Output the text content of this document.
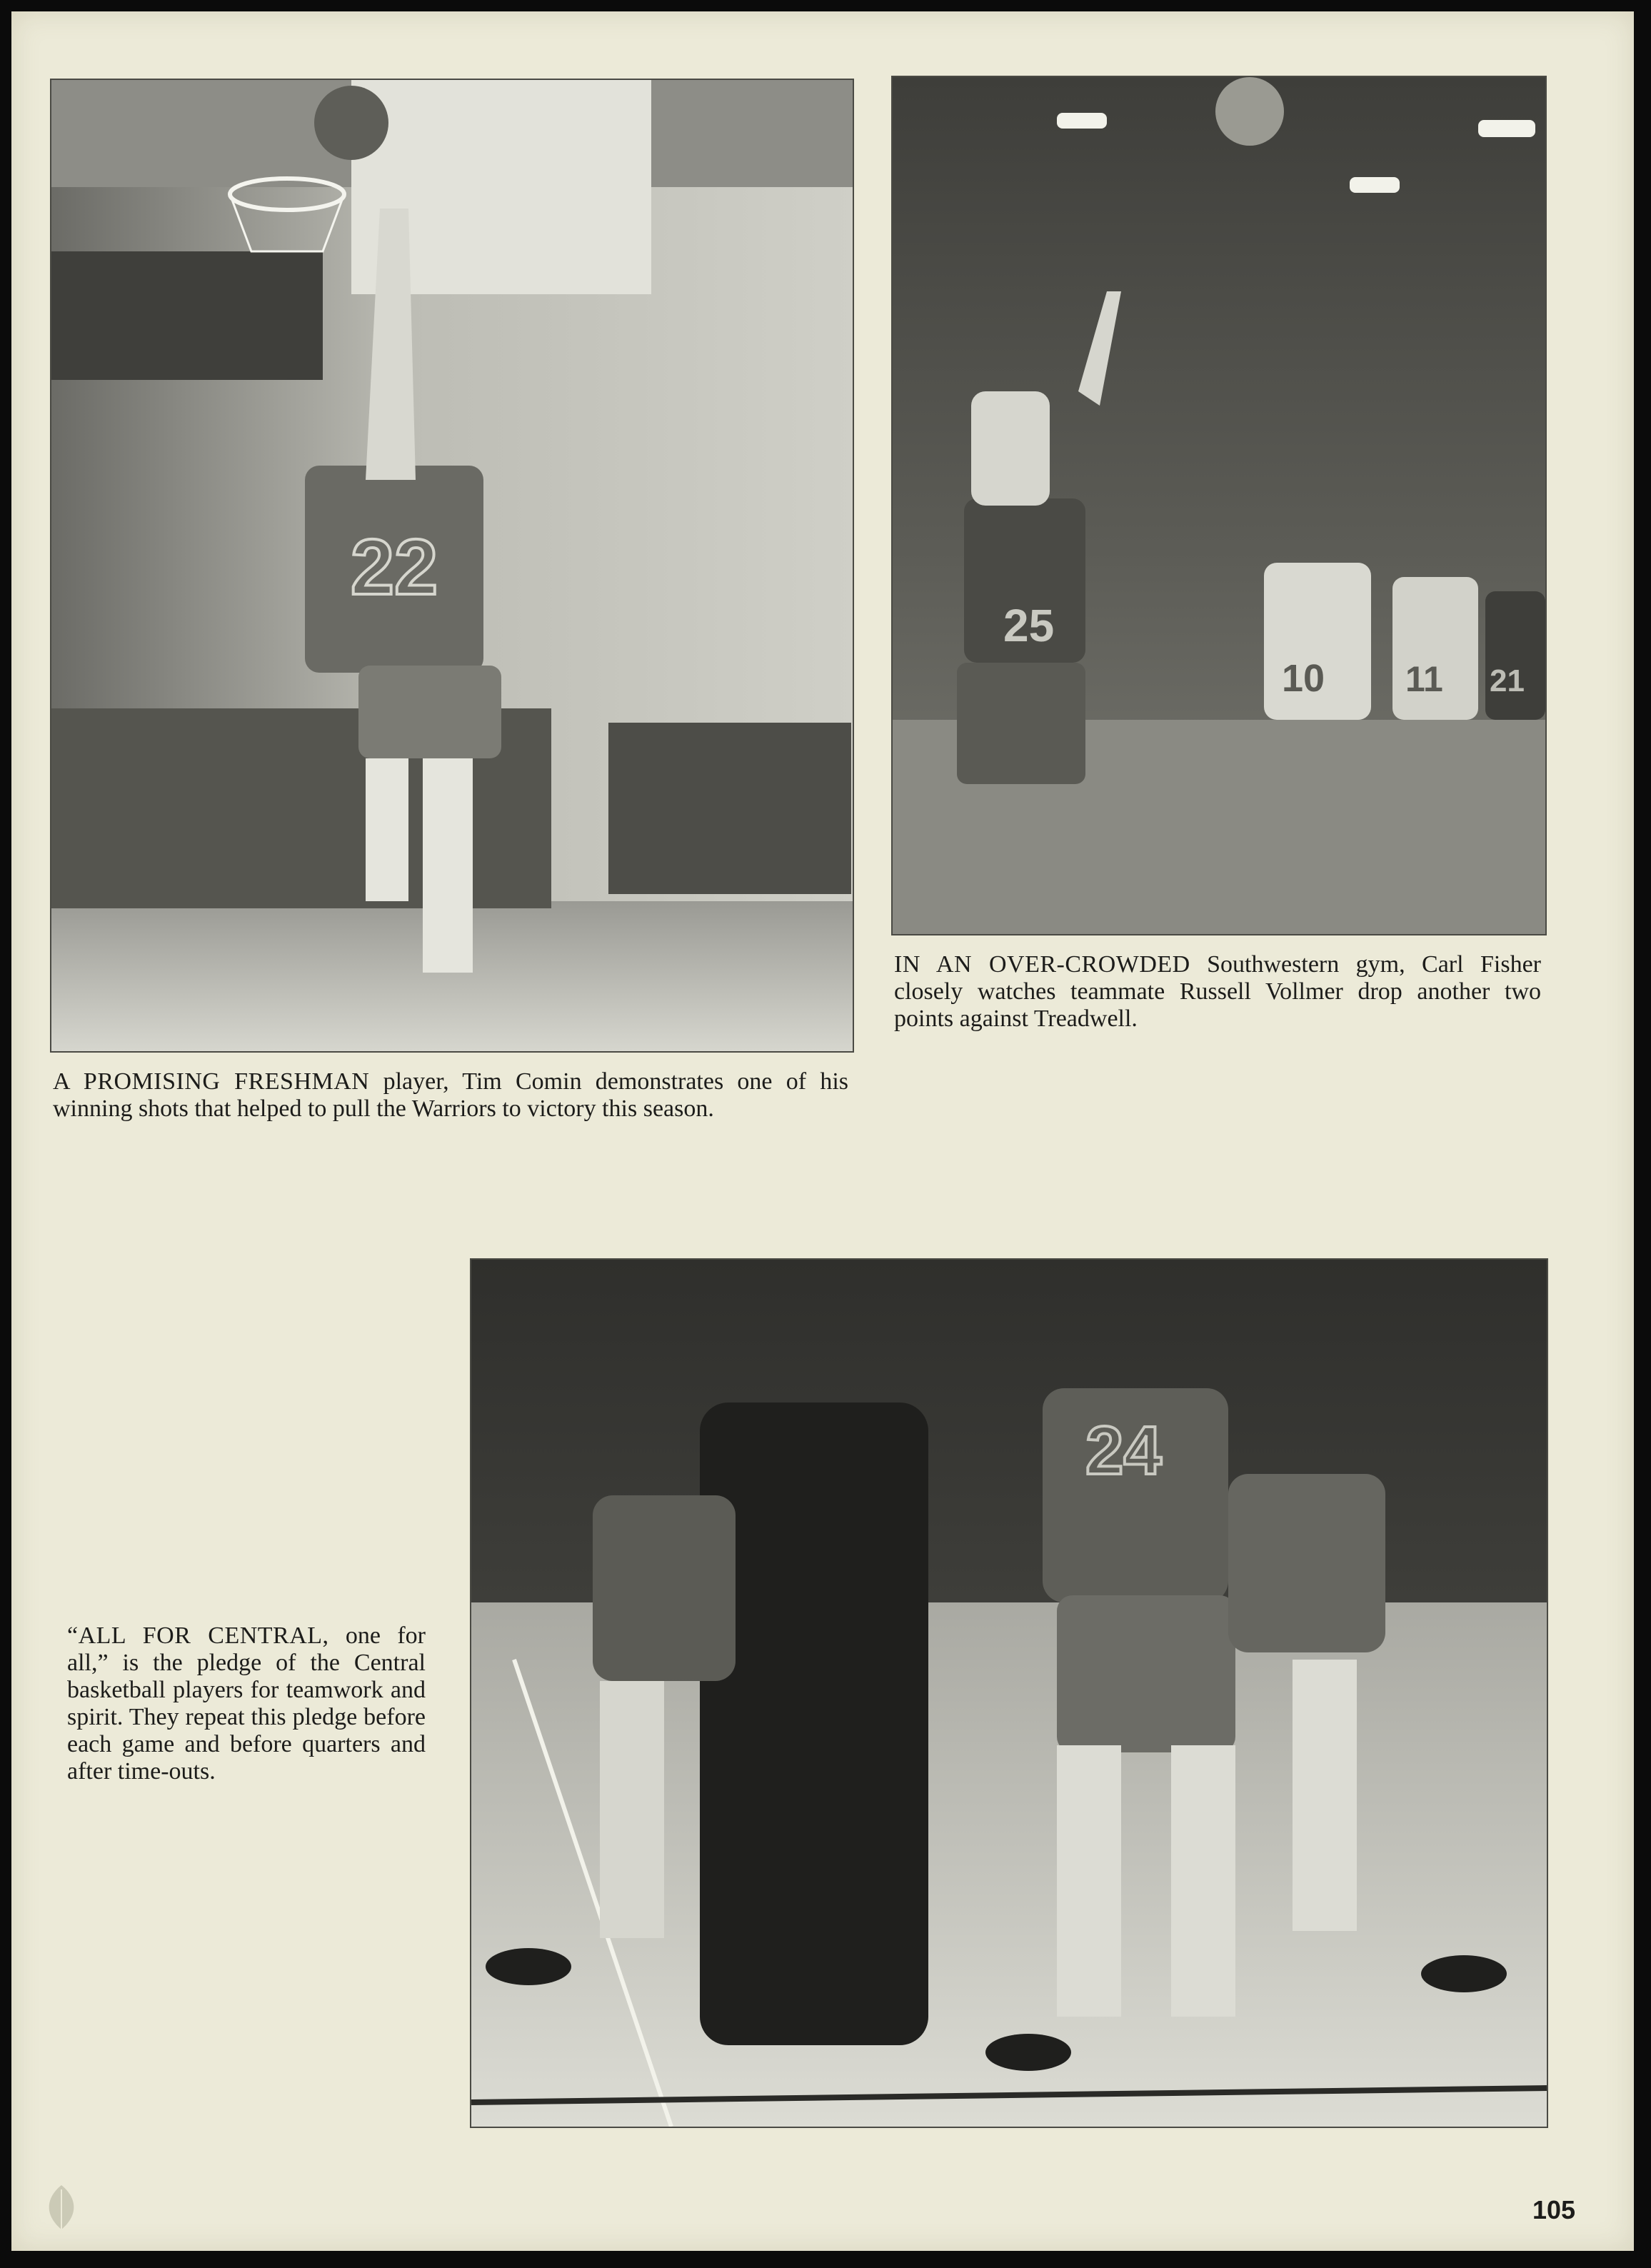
22

A PROMISING FRESHMAN player, Tim Comin demonstrates one of his winning shots that helped to pull the Warriors to victory this season.

25
10 11 21

IN AN OVER-CROWDED Southwestern gym, Carl Fisher closely watches teammate Russell Vollmer drop another two points against Treadwell.

24

“ALL FOR CENTRAL, one for all,” is the pledge of the Central basketball players for teamwork and spirit. They repeat this pledge before each game and before quarters and after time-outs.

105
